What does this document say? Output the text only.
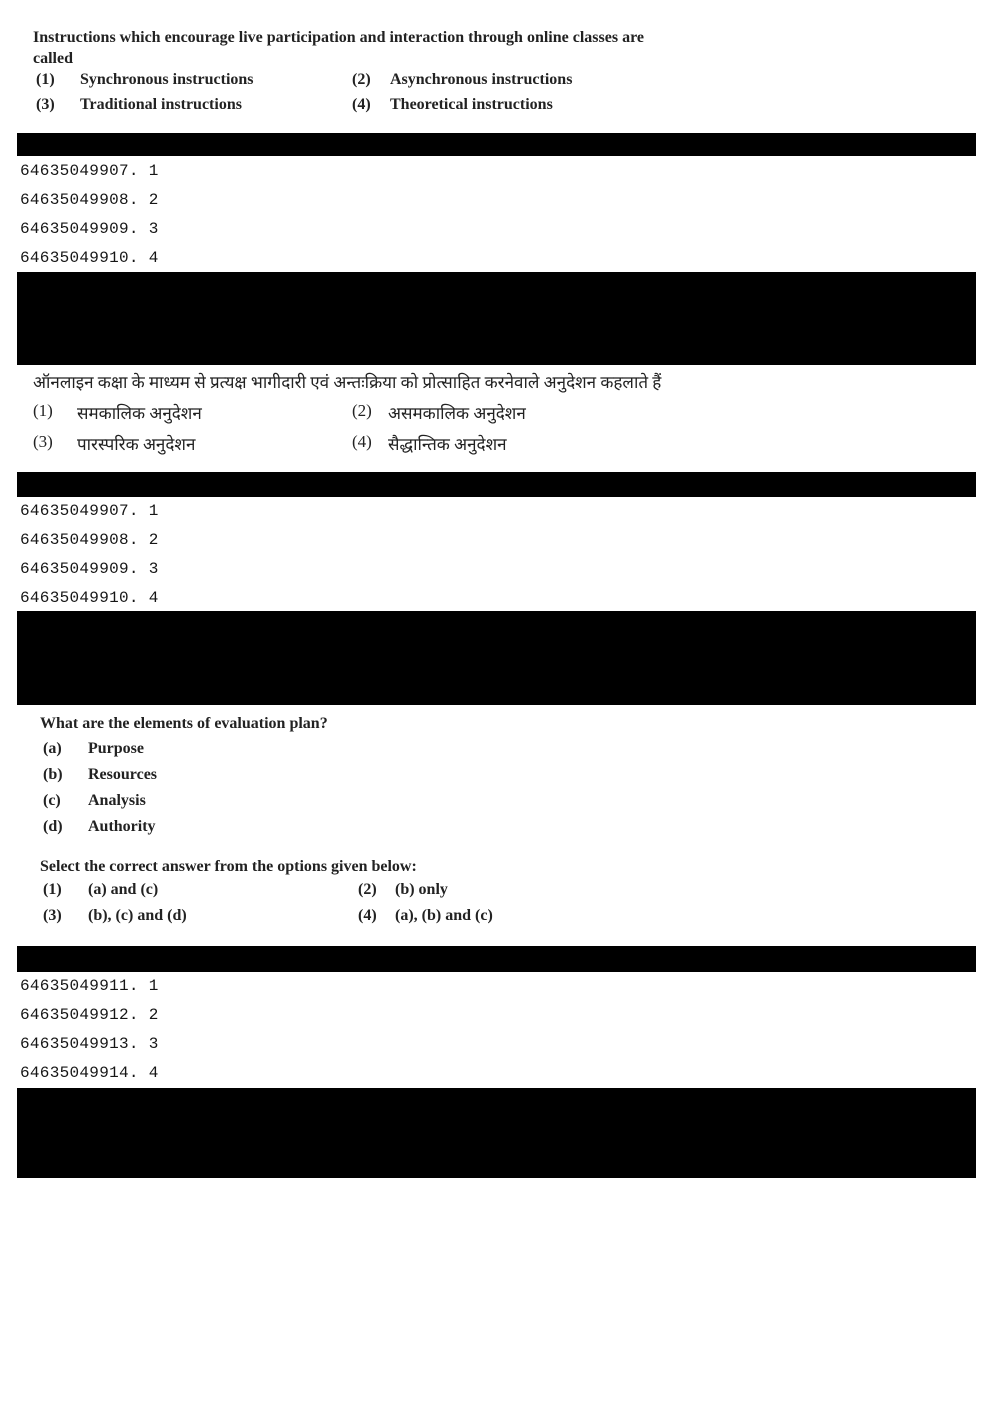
Instructions which encourage live participation and interaction through online classes are
called
(1) Synchronous instructions	(2) Asynchronous instructions
(3) Traditional instructions	(4) Theoretical instructions
64635049907. 1
64635049908. 2
64635049909. 3
64635049910. 4
ऑनलाइन कक्षा के माध्यम से प्रत्यक्ष भागीदारी एवं अन्तःक्रिया को प्रोत्साहित करनेवाले अनुदेशन कहलाते हैं
(1) समकालिक अनुदेशन	(2) असमकालिक अनुदेशन
(3) पारस्परिक अनुदेशन	(4) सैद्धान्तिक अनुदेशन
64635049907. 1
64635049908. 2
64635049909. 3
64635049910. 4
What are the elements of evaluation plan?
(a) Purpose
(b) Resources
(c) Analysis
(d) Authority
Select the correct answer from the options given below:
(1) (a) and (c)	(2) (b) only
(3) (b), (c) and (d)	(4) (a), (b) and (c)
64635049911. 1
64635049912. 2
64635049913. 3
64635049914. 4
